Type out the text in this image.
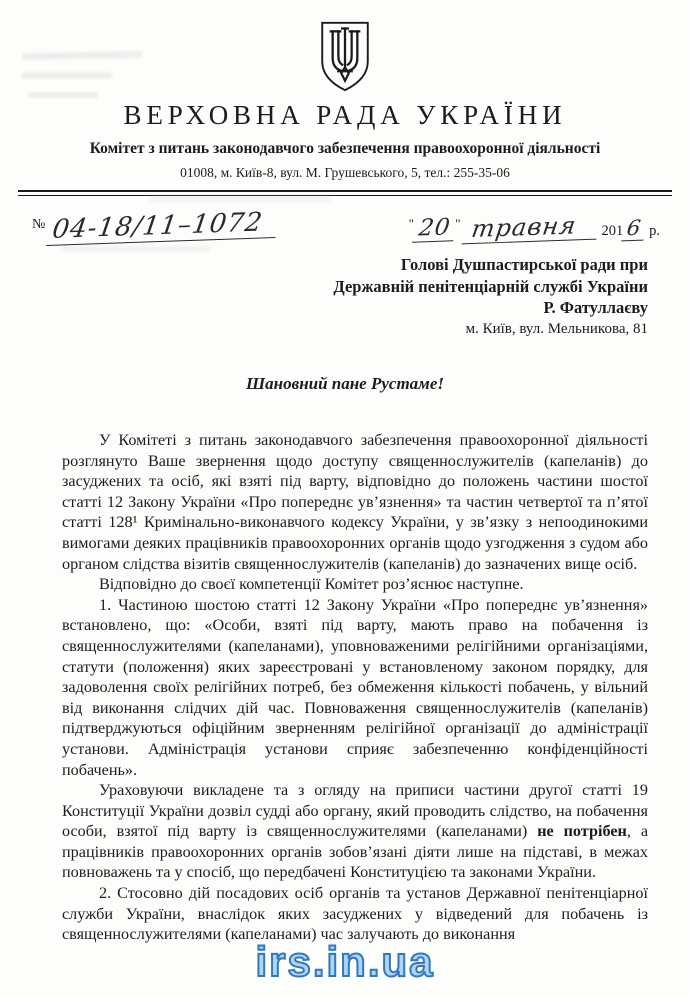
ВЕРХОВНА РАДА УКРАЇНИ
Комітет з питань законодавчого забезпечення правоохоронної діяльності
01008, м. Київ-8, вул. М. Грушевського, 5, тел.: 255-35-06
№ 04-18/11–1072	" 20 " травня 201 6 р.
Голові Душпастирської ради при
Державній пенітенціарній службі України
Р. Фатуллаєву
м. Київ, вул. Мельникова, 81
Шановний пане Рустаме!

У Комітеті з питань законодавчого забезпечення правоохоронної діяльності розглянуто Ваше звернення щодо доступу священнослужителів (капеланів) до засуджених та осіб, які взяті під варту, відповідно до положень частини шостої статті 12 Закону України «Про попереднє ув’язнення» та частин четвертої та п’ятої статті 128¹ Кримінально-виконавчого кодексу України, у зв’язку з непоодинокими вимогами деяких працівників правоохоронних органів щодо узгодження з судом або органом слідства візитів священнослужителів (капеланів) до зазначених вище осіб.

Відповідно до своєї компетенції Комітет роз’яснює наступне.

1. Частиною шостою статті 12 Закону України «Про попереднє ув’язнення» встановлено, що: «Особи, взяті під варту, мають право на побачення із священнослужителями (капеланами), уповноваженими релігійними організаціями, статути (положення) яких зареєстровані у встановленому законом порядку, для задоволення своїх релігійних потреб, без обмеження кількості побачень, у вільний від виконання слідчих дій час. Повноваження священнослужителів (капеланів) підтверджуються офіційним зверненням релігійної організації до адміністрації установи. Адміністрація установи сприяє забезпеченню конфіденційності побачень».

Ураховуючи викладене та з огляду на приписи частини другої статті 19 Конституції України дозвіл судді або органу, який проводить слідство, на побачення особи, взятої під варту із священнослужителями (капеланами) не потрібен, а працівників правоохоронних органів зобов’язані діяти лише на підставі, в межах повноважень та у спосіб, що передбачені Конституцією та законами України.

2. Стосовно дій посадових осіб органів та установ Державної пенітенціарної служби України, внаслідок яких засуджених у відведений для побачень із священнослужителями (капеланами) час залучають до виконання

irs.in.ua
